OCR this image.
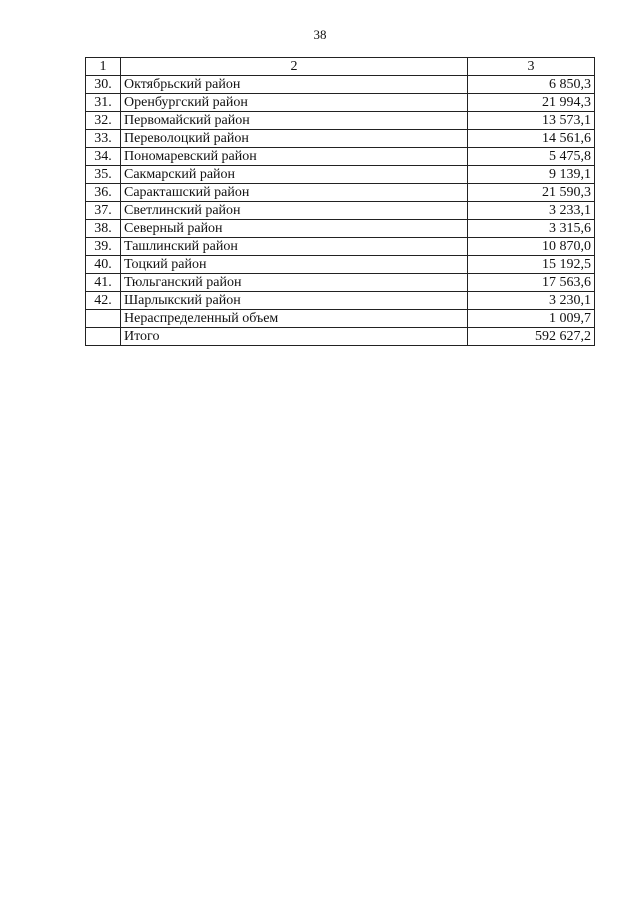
38
1	2	3
30.	Октябрьский район	6 850,3
31.	Оренбургский район	21 994,3
32.	Первомайский район	13 573,1
33.	Переволоцкий район	14 561,6
34.	Пономаревский район	5 475,8
35.	Сакмарский район	9 139,1
36.	Саракташский район	21 590,3
37.	Светлинский район	3 233,1
38.	Северный район	3 315,6
39.	Ташлинский район	10 870,0
40.	Тоцкий район	15 192,5
41.	Тюльганский район	17 563,6
42.	Шарлыкский район	3 230,1
	Нераспределенный объем	1 009,7
	Итого	592 627,2
